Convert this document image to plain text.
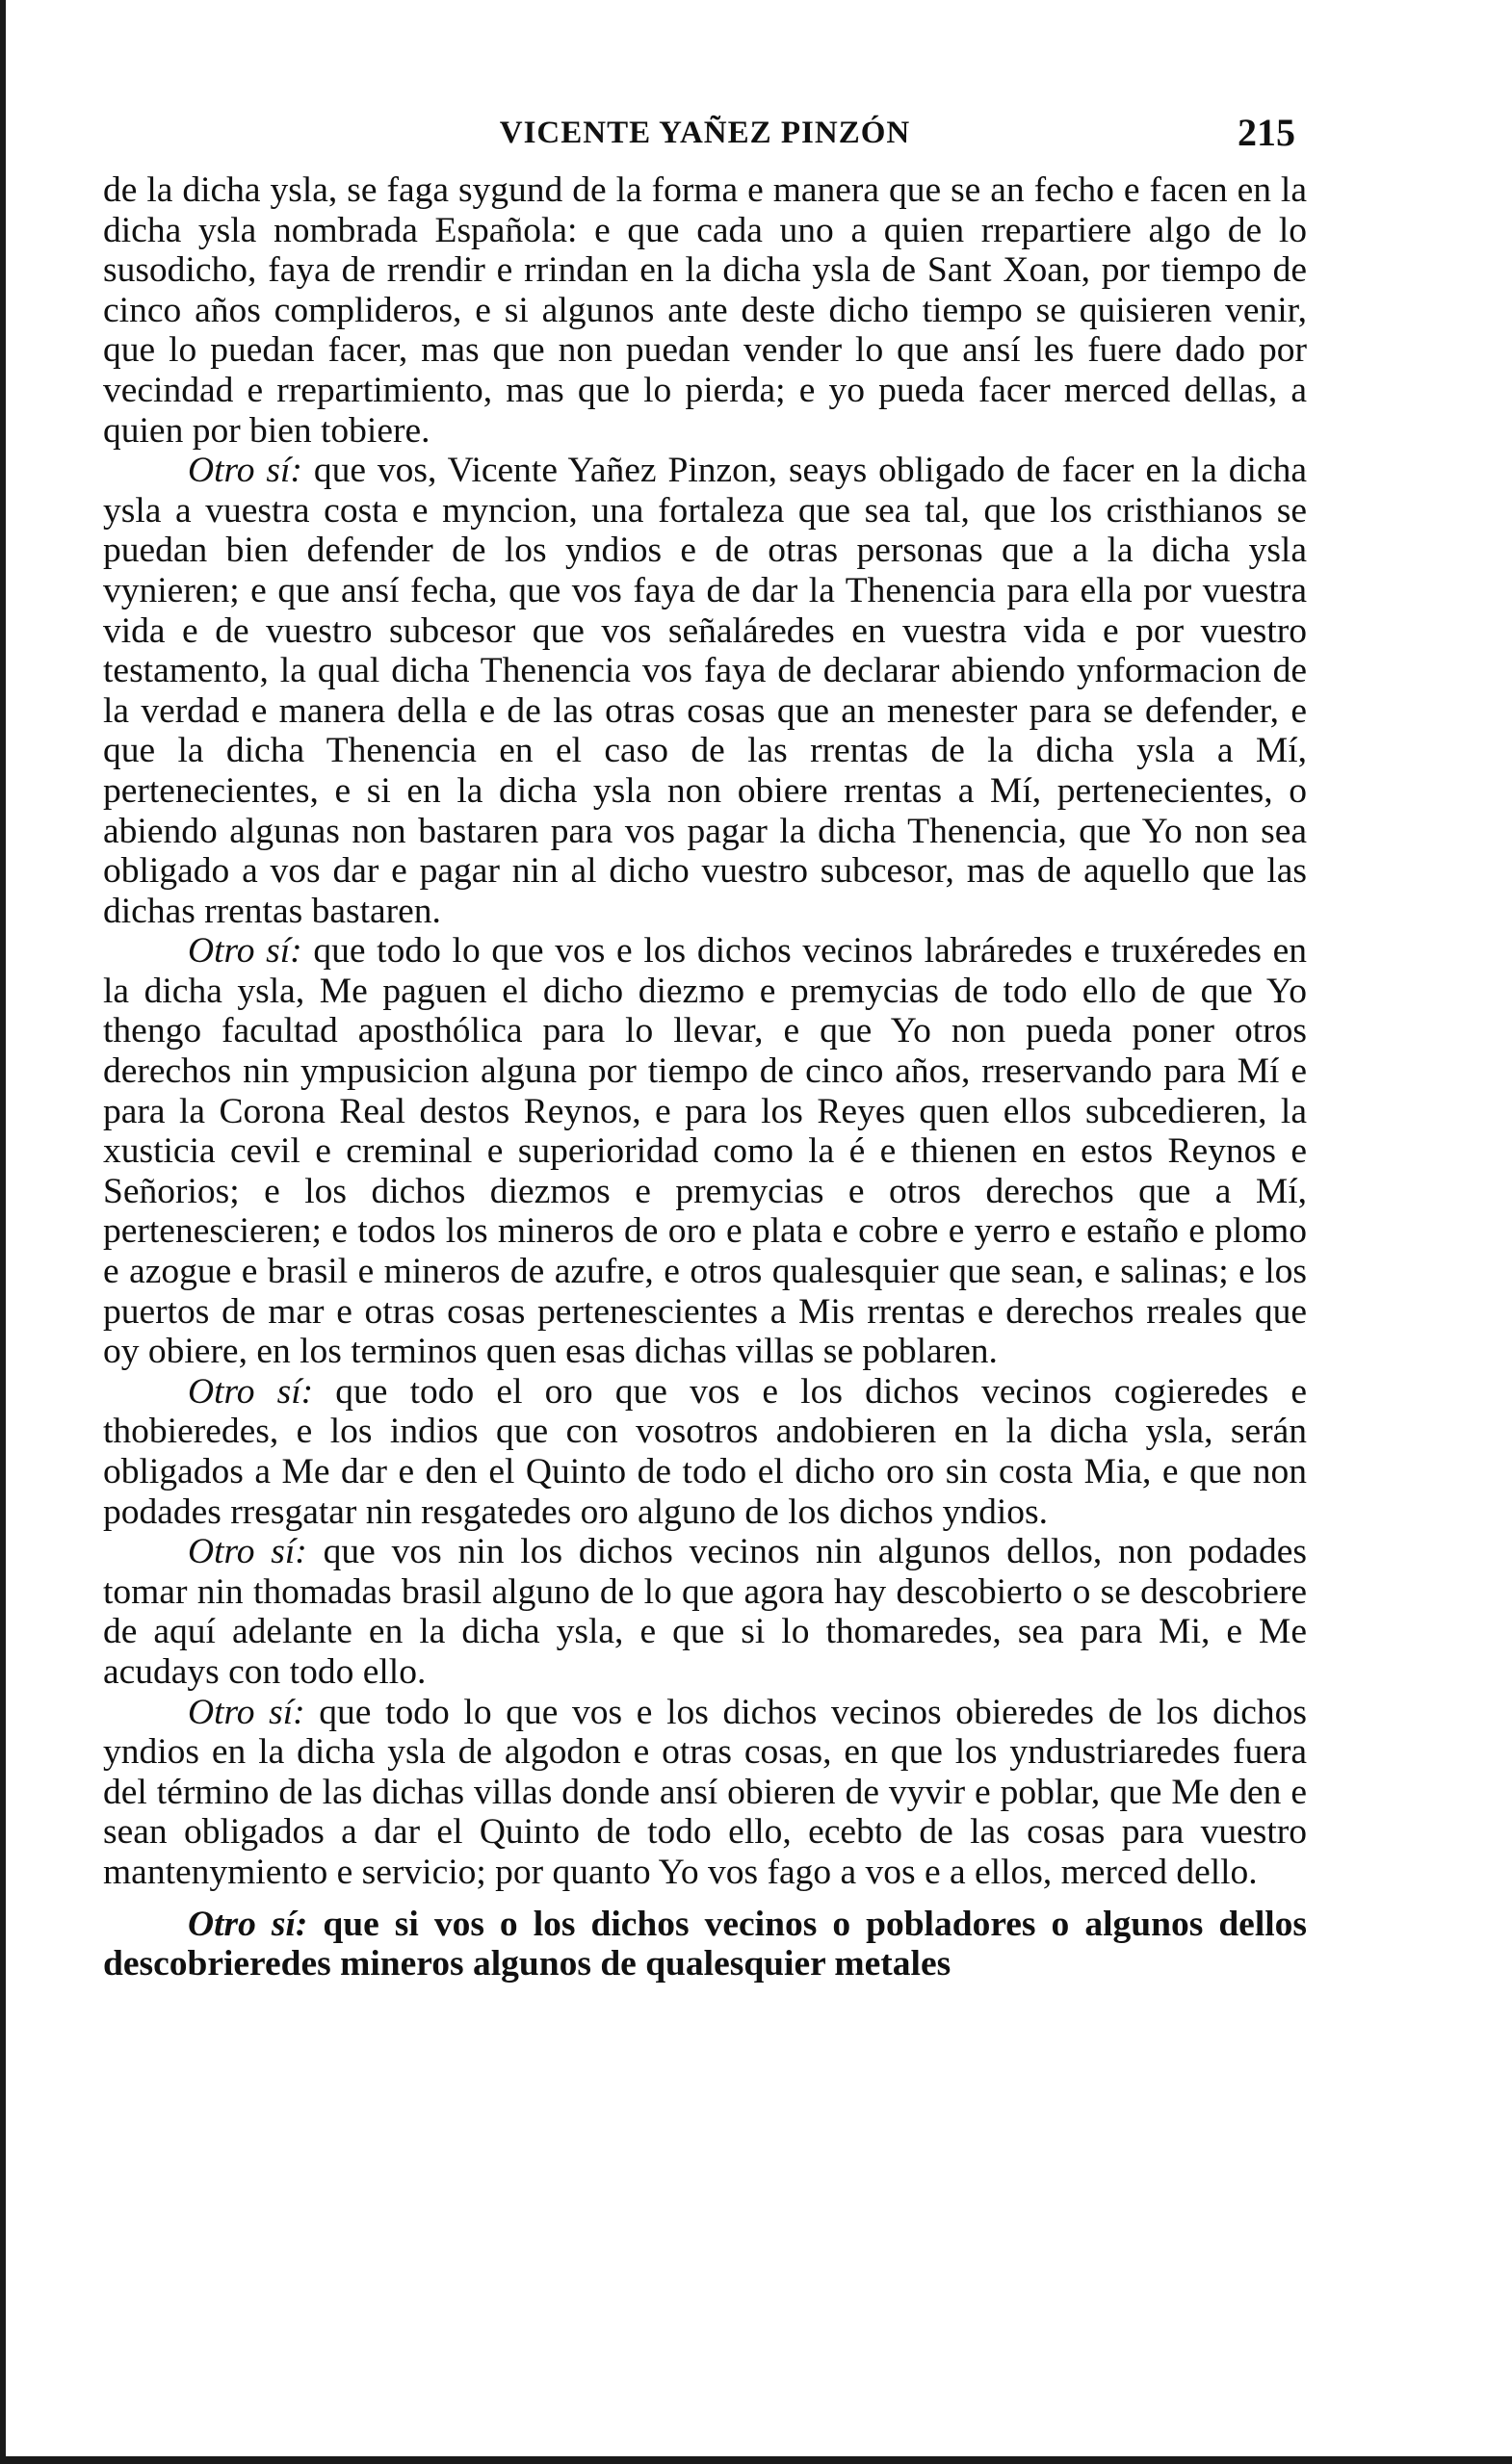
VICENTE YAÑEZ PINZÓN	215

de la dicha ysla, se faga sygund de la forma e manera que se an fecho e facen en la dicha ysla nombrada Española: e que cada uno a quien rrepartiere algo de lo susodicho, faya de rrendir e rrindan en la dicha ysla de Sant Xoan, por tiempo de cinco años complideros, e si algunos ante deste dicho tiempo se quisieren venir, que lo puedan facer, mas que non puedan vender lo que ansí les fuere dado por vecindad e rrepartimiento, mas que lo pierda; e yo pueda facer merced dellas, a quien por bien tobiere.

Otro sí: que vos, Vicente Yañez Pinzon, seays obligado de facer en la dicha ysla a vuestra costa e myncion, una fortaleza que sea tal, que los cristhianos se puedan bien defender de los yndios e de otras personas que a la dicha ysla vynieren; e que ansí fecha, que vos faya de dar la Thenencia para ella por vuestra vida e de vuestro subcesor que vos señaláredes en vuestra vida e por vuestro testamento, la qual dicha Thenencia vos faya de declarar abiendo ynformacion de la verdad e manera della e de las otras cosas que an menester para se defender, e que la dicha Thenencia en el caso de las rrentas de la dicha ysla a Mí, pertenecientes, e si en la dicha ysla non obiere rrentas a Mí, pertenecientes, o abiendo algunas non bastaren para vos pagar la dicha Thenencia, que Yo non sea obligado a vos dar e pagar nin al dicho vuestro subcesor, mas de aquello que las dichas rrentas bastaren.

Otro sí: que todo lo que vos e los dichos vecinos labráredes e truxéredes en la dicha ysla, Me paguen el dicho diezmo e premycias de todo ello de que Yo thengo facultad aposthólica para lo llevar, e que Yo non pueda poner otros derechos nin ympusicion alguna por tiempo de cinco años, rreservando para Mí e para la Corona Real destos Reynos, e para los Reyes quen ellos subcedieren, la xusticia cevil e creminal e superioridad como la é e thienen en estos Reynos e Señorios; e los dichos diezmos e premycias e otros derechos que a Mí, pertenescieren; e todos los mineros de oro e plata e cobre e yerro e estaño e plomo e azogue e brasil e mineros de azufre, e otros qualesquier que sean, e salinas; e los puertos de mar e otras cosas pertenescientes a Mis rrentas e derechos rreales que oy obiere, en los terminos quen esas dichas villas se poblaren.

Otro sí: que todo el oro que vos e los dichos vecinos cogieredes e thobieredes, e los indios que con vosotros andobieren en la dicha ysla, serán obligados a Me dar e den el Quinto de todo el dicho oro sin costa Mia, e que non podades rresgatar nin resgatedes oro alguno de los dichos yndios.

Otro sí: que vos nin los dichos vecinos nin algunos dellos, non podades tomar nin thomadas brasil alguno de lo que agora hay descobierto o se descobriere de aquí adelante en la dicha ysla, e que si lo thomaredes, sea para Mi, e Me acudays con todo ello.

Otro sí: que todo lo que vos e los dichos vecinos obieredes de los dichos yndios en la dicha ysla de algodon e otras cosas, en que los yndustriaredes fuera del término de las dichas villas donde ansí obieren de vyvir e poblar, que Me den e sean obligados a dar el Quinto de todo ello, ecebto de las cosas para vuestro mantenymiento e servicio; por quanto Yo vos fago a vos e a ellos, merced dello.

Otro sí: que si vos o los dichos vecinos o pobladores o algunos dellos descobrieredes mineros algunos de qualesquier metales
